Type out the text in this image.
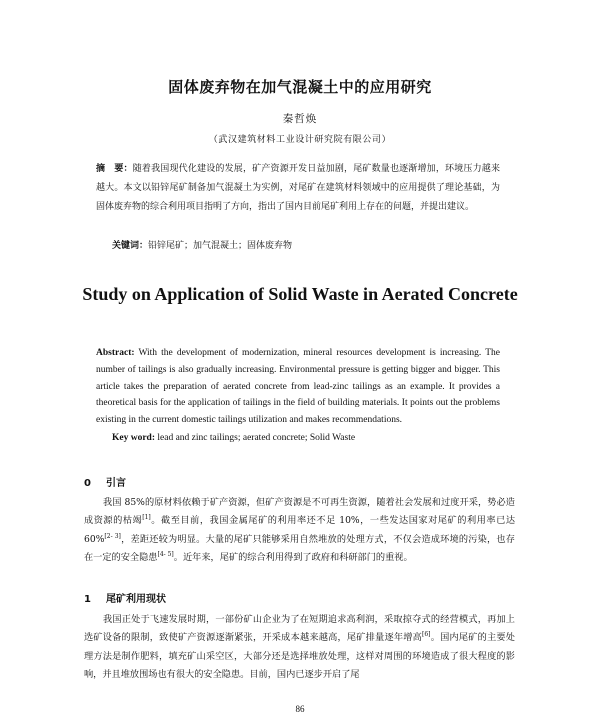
固体废弃物在加气混凝土中的应用研究
秦哲焕
（武汉建筑材料工业设计研究院有限公司）
摘　要：随着我国现代化建设的发展，矿产资源开发日益加剧，尾矿数量也逐渐增加，环境压力越来越大。本文以铅锌尾矿制备加气混凝土为实例，对尾矿在建筑材料领域中的应用提供了理论基础，为固体废弃物的综合利用项目指明了方向，指出了国内目前尾矿利用上存在的问题，并提出建议。
关键词：铅锌尾矿；加气混凝土；固体废弃物
Study on Application of Solid Waste in Aerated Concrete
Abstract: With the development of modernization, mineral resources development is increasing. The number of tailings is also gradually increasing. Environmental pressure is getting bigger and bigger. This article takes the preparation of aerated concrete from lead-zinc tailings as an example. It provides a theoretical basis for the application of tailings in the field of building materials. It points out the problems existing in the current domestic tailings utilization and makes recommendations.
Key word: lead and zinc tailings; aerated concrete; Solid Waste
0 引言
我国 85%的原材料依赖于矿产资源，但矿产资源是不可再生资源，随着社会发展和过度开采，势必造成资源的枯竭[1]。截至目前，我国金属尾矿的利用率还不足 10%，一些发达国家对尾矿的利用率已达 60%[2- 3]，差距还较为明显。大量的尾矿只能够采用自然堆放的处理方式，不仅会造成环境的污染，也存在一定的安全隐患[4- 5]。近年来，尾矿的综合利用得到了政府和科研部门的重视。
1 尾矿利用现状
我国正处于飞速发展时期，一部份矿山企业为了在短期追求高利润，采取掠夺式的经营模式，再加上选矿设备的限制，致使矿产资源逐渐紧张，开采成本越来越高，尾矿排量逐年增高[6]。国内尾矿的主要处理方法是制作肥料，填充矿山采空区，大部分还是选择堆放处理，这样对周围的环境造成了很大程度的影响，并且堆放围场也有很大的安全隐患。目前，国内已逐步开启了尾
86
